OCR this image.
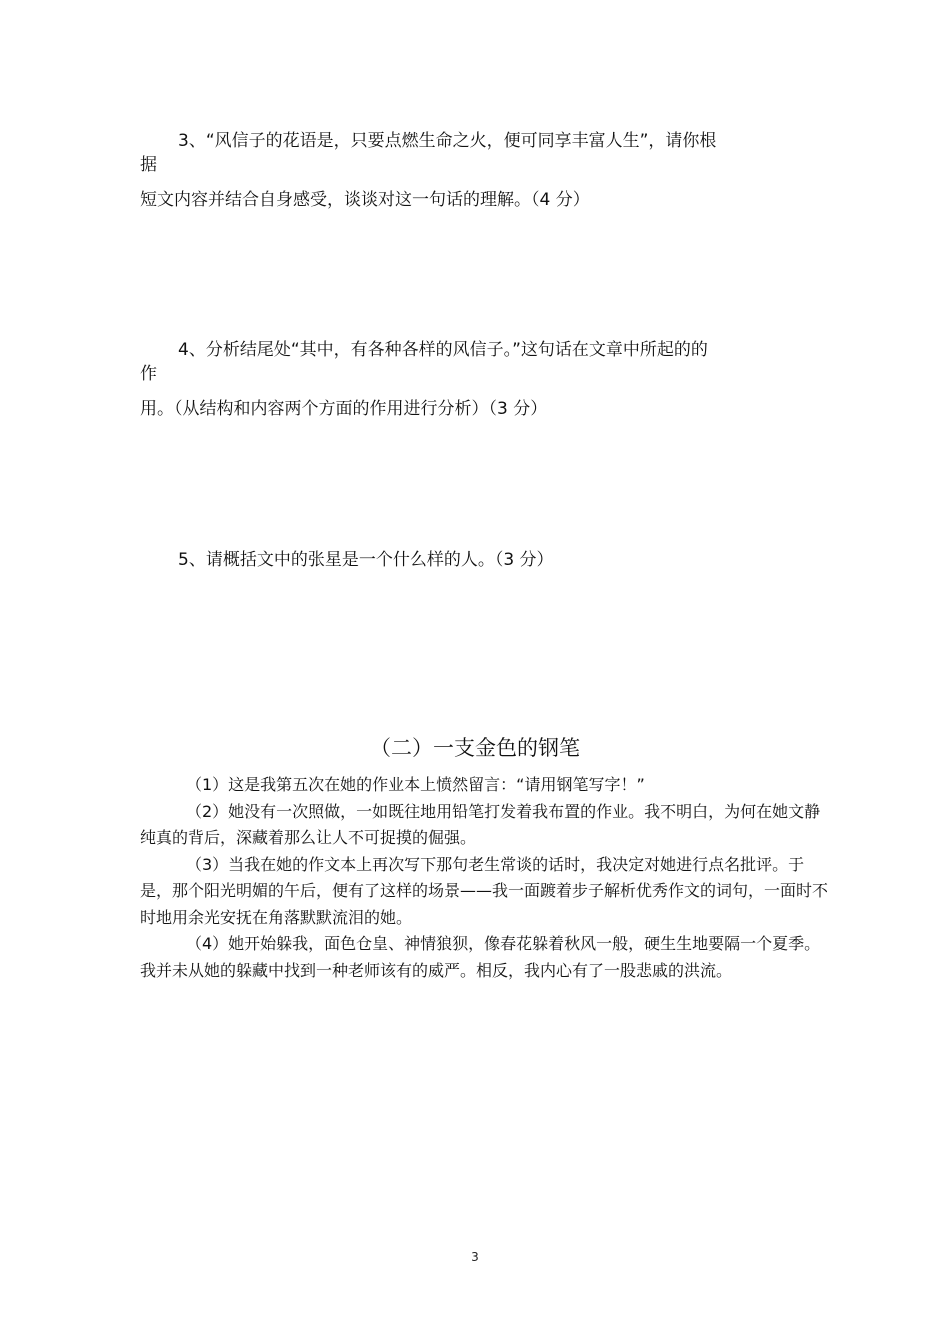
3、“风信子的花语是，只要点燃生命之火，便可同享丰富人生”，请你根
据
短文内容并结合自身感受，谈谈对这一句话的理解。（4 分）
4、分析结尾处“其中，有各种各样的风信子。”这句话在文章中所起的的
作
用。（从结构和内容两个方面的作用进行分析）（3 分）
5、请概括文中的张星是一个什么样的人。（3 分）
（二）一支金色的钢笔

（1）这是我第五次在她的作业本上愤然留言：“请用钢笔写字！”

（2）她没有一次照做，一如既往地用铅笔打发着我布置的作业。我不明白，为何在她文静纯真的背后，深藏着那么让人不可捉摸的倔强。

（3）当我在她的作文本上再次写下那句老生常谈的话时，我决定对她进行点名批评。于是，那个阳光明媚的午后，便有了这样的场景——我一面踱着步子解析优秀作文的词句，一面时不时地用余光安抚在角落默默流泪的她。

（4）她开始躲我，面色仓皇、神情狼狈，像春花躲着秋风一般，硬生生地要隔一个夏季。我并未从她的躲藏中找到一种老师该有的威严。相反，我内心有了一股悲戚的洪流。

3
